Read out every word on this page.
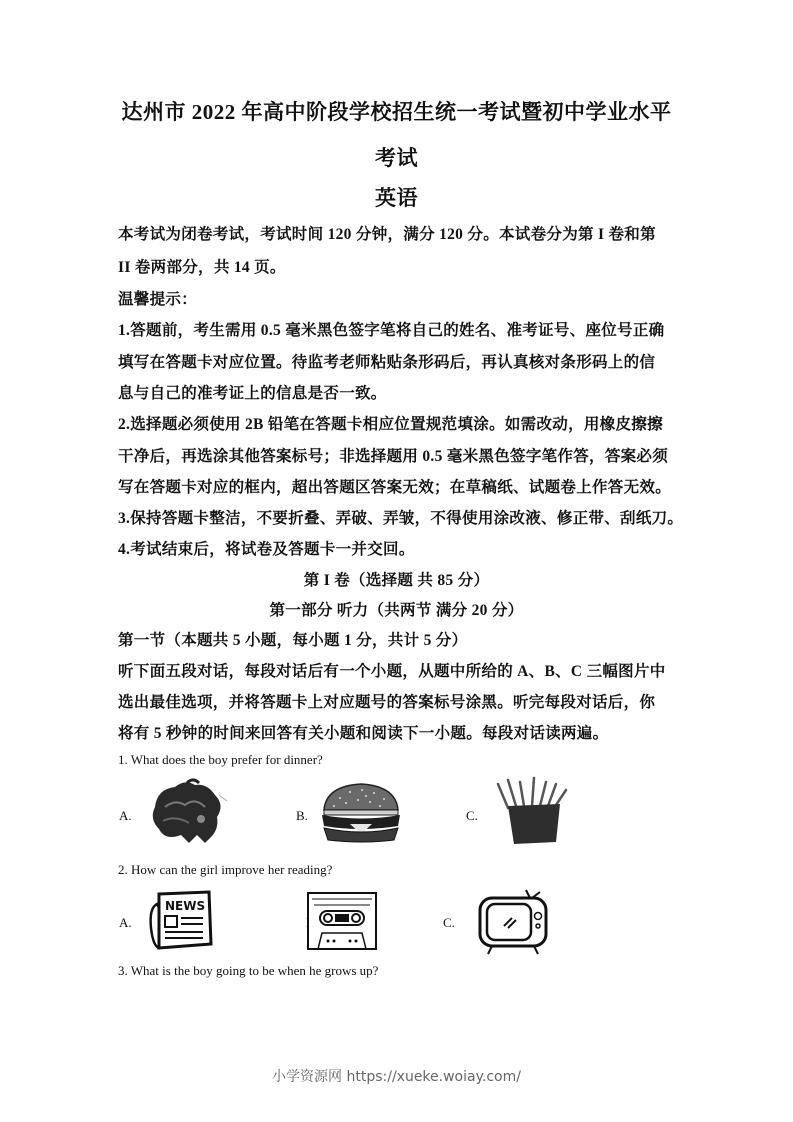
达州市 2022 年高中阶段学校招生统一考试暨初中学业水平
考试
英语
本考试为闭卷考试，考试时间 120 分钟，满分 120 分。本试卷分为第 I 卷和第
II 卷两部分，共 14 页。
温馨提示：
1.答题前，考生需用 0.5 毫米黑色签字笔将自己的姓名、准考证号、座位号正确
填写在答题卡对应位置。待监考老师粘贴条形码后，再认真核对条形码上的信
息与自己的准考证上的信息是否一致。
2.选择题必须使用 2B 铅笔在答题卡相应位置规范填涂。如需改动，用橡皮擦擦
干净后，再选涂其他答案标号；非选择题用 0.5 毫米黑色签字笔作答，答案必须
写在答题卡对应的框内，超出答题区答案无效；在草稿纸、试题卷上作答无效。
3.保持答题卡整洁，不要折叠、弄破、弄皱，不得使用涂改液、修正带、刮纸刀。
4.考试结束后，将试卷及答题卡一并交回。
第 I 卷（选择题 共 85 分）
第一部分 听力（共两节 满分 20 分）
第一节（本题共 5 小题，每小题 1 分，共计 5 分）
听下面五段对话，每段对话后有一个小题，从题中所给的 A、B、C 三幅图片中
选出最佳选项，并将答题卡上对应题号的答案标号涂黑。听完每段对话后，你
将有 5 秒钟的时间来回答有关小题和阅读下一小题。每段对话读两遍。
1. What does the boy prefer for dinner?
A.	B.	C.
2. How can the girl improve her reading?
A.
NEWS
C.
3. What is the boy going to be when he grows up?
小学资源网 https://xueke.woiay.com/
